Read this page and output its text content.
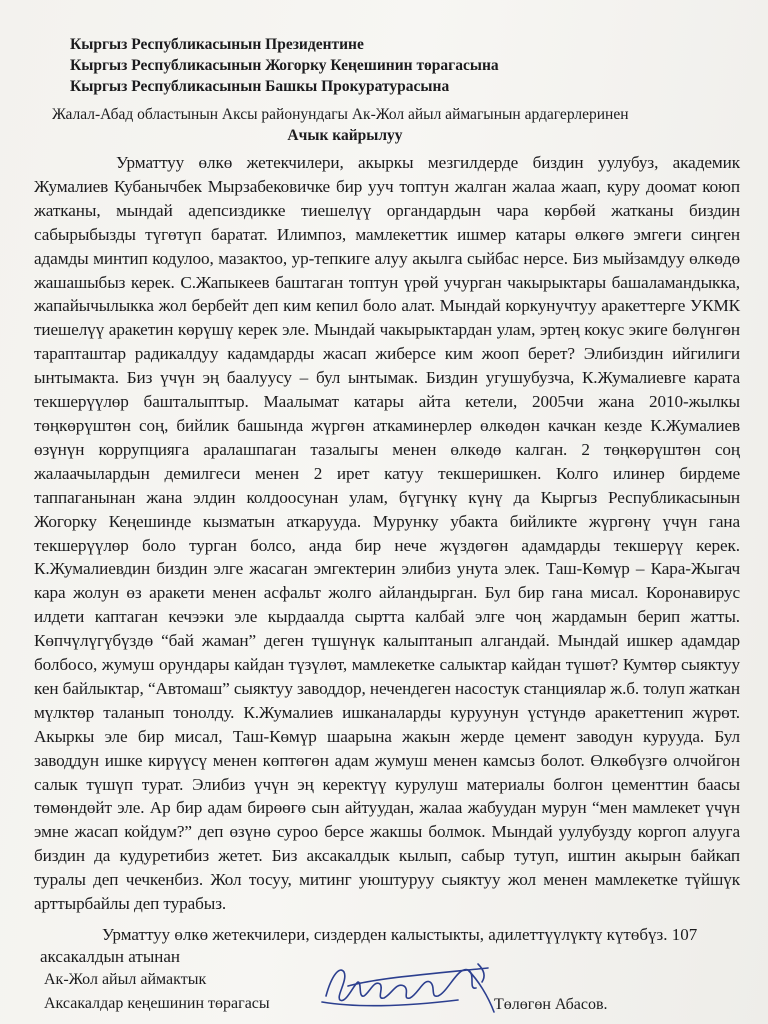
Кыргыз Республикасынын Президентине
Кыргыз Республикасынын Жогорку Кеңешинин төрагасына
Кыргыз Республикасынын Башкы Прокуратурасына
Жалал-Абад областынын Аксы районундагы Ак-Жол айыл аймагынын ардагерлеринен
Ачык кайрылуу

Урматтуу өлкө жетекчилери, акыркы мезгилдерде биздин уулубуз, академик Жумалиев Кубанычбек Мырзабековичке бир ууч топтун жалган жалаа жаап, куру доомат коюп жатканы, мындай адепсиздикке тиешелүү органдардын чара көрбөй жатканы биздин сабырыбызды түгөтүп баратат. Илимпоз, мамлекеттик ишмер катары өлкөгө эмгеги сиңген адамды минтип кодулоо, мазактоо, ур-тепкиге алуу акылга сыйбас нерсе. Биз мыйзамдуу өлкөдө жашашыбыз керек. С.Жапыкеев баштаган топтун үрөй учурган чакырыктары башаламандыкка, жапайычылыкка жол бербейт деп ким кепил боло алат. Мындай коркунучтуу аракеттерге УКМК тиешелүү аракетин көрүшү керек эле. Мындай чакырыктардан улам, эртең кокус экиге бөлүнгөн тарапташтар радикалдуу кадамдарды жасап жиберсе ким жооп берет? Элибиздин ийгилиги ынтымакта. Биз үчүн эң баалуусу – бул ынтымак. Биздин угушубузча, К.Жумалиевге карата текшерүүлөр башталыптыр. Маалымат катары айта кетели, 2005чи жана 2010-жылкы төңкөрүштөн соң, бийлик башында жүргөн аткаминерлер өлкөдөн качкан кезде К.Жумалиев өзүнүн коррупцияга аралашпаган тазалыгы менен өлкөдө калган. 2 төңкөрүштөн соң жалаачылардын демилгеси менен 2 ирет катуу текшеришкен. Колго илинер бирдеме таппаганынан жана элдин колдоосунан улам, бүгүнкү күнү да Кыргыз Республикасынын Жогорку Кеңешинде кызматын аткарууда. Мурунку убакта бийликте жүргөнү үчүн гана текшерүүлөр боло турган болсо, анда бир нече жүздөгөн адамдарды текшерүү керек. К.Жумалиевдин биздин элге жасаган эмгектерин элибиз унута элек. Таш-Көмүр – Кара-Жыгач кара жолун өз аракети менен асфальт жолго айландырган. Бул бир гана мисал. Коронавирус илдети каптаган кечээки эле кырдаалда сыртта калбай элге чоң жардамын берип жатты. Көпчүлүгүбүздө “бай жаман” деген түшүнүк калыптанып алгандай. Мындай ишкер адамдар болбосо, жумуш орундары кайдан түзүлөт, мамлекетке салыктар кайдан түшөт? Кумтөр сыяктуу кен байлыктар, “Автомаш” сыяктуу заводдор, нечендеген насостук станциялар ж.б. толуп жаткан мүлктөр таланып тонолду. К.Жумалиев ишканаларды куруунун үстүндө аракеттенип жүрөт. Акыркы эле бир мисал, Таш-Көмүр шаарына жакын жерде цемент заводун курууда. Бул заводдун ишке кирүүсү менен көптөгөн адам жумуш менен камсыз болот. Өлкөбүзгө олчойгон салык түшүп турат. Элибиз үчүн эң керектүү курулуш материалы болгон цементтин баасы төмөндөйт эле. Ар бир адам бирөөгө сын айтуудан, жалаа жабуудан мурун “мен мамлекет үчүн эмне жасап койдум?” деп өзүнө суроо берсе жакшы болмок. Мындай уулубузду коргоп алууга биздин да кудуретибиз жетет. Биз аксакалдык кылып, сабыр тутуп, иштин акырын байкап туралы деп чечкенбиз. Жол тосуу, митинг уюштуруу сыяктуу жол менен мамлекетке түйшүк арттырбайлы деп турабыз.

Урматтуу өлкө жетекчилери, сиздерден калыстыкты, адилеттүүлүктү күтөбүз. 107 аксакалдын атынан

Ак-Жол айыл аймактык
Аксакалдар кеңешинин төрагасы	Төлөгөн Абасов.
